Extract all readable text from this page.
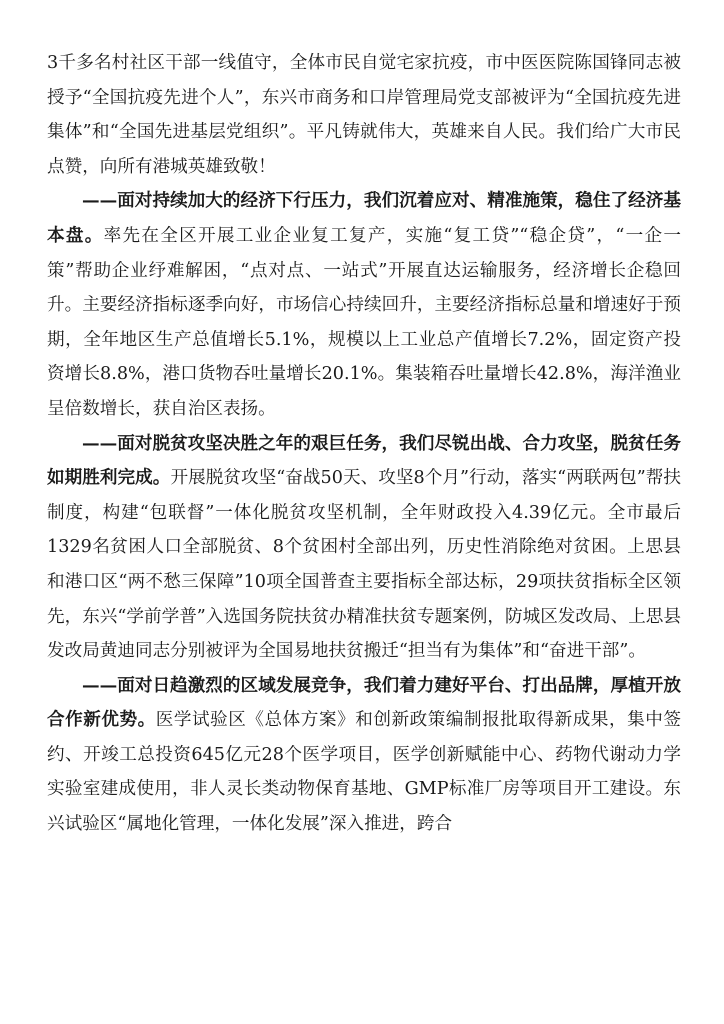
3千多名村社区干部一线值守，全体市民自觉宅家抗疫，市中医医院陈国锋同志被授予“全国抗疫先进个人”，东兴市商务和口岸管理局党支部被评为“全国抗疫先进集体”和“全国先进基层党组织”。平凡铸就伟大，英雄来自人民。我们给广大市民点赞，向所有港城英雄致敬！

——面对持续加大的经济下行压力，我们沉着应对、精准施策，稳住了经济基本盘。率先在全区开展工业企业复工复产，实施“复工贷”“稳企贷”，“一企一策”帮助企业纾难解困，“点对点、一站式”开展直达运输服务，经济增长企稳回升。主要经济指标逐季向好，市场信心持续回升，主要经济指标总量和增速好于预期，全年地区生产总值增长5.1%，规模以上工业总产值增长7.2%，固定资产投资增长8.8%，港口货物吞吐量增长20.1%。集装箱吞吐量增长42.8%，海洋渔业呈倍数增长，获自治区表扬。

——面对脱贫攻坚决胜之年的艰巨任务，我们尽锐出战、合力攻坚，脱贫任务如期胜利完成。开展脱贫攻坚“奋战50天、攻坚8个月”行动，落实“两联两包”帮扶制度，构建“包联督”一体化脱贫攻坚机制，全年财政投入4.39亿元。全市最后1329名贫困人口全部脱贫、8个贫困村全部出列，历史性消除绝对贫困。上思县和港口区“两不愁三保障”10项全国普查主要指标全部达标，29项扶贫指标全区领先，东兴“学前学普”入选国务院扶贫办精准扶贫专题案例，防城区发改局、上思县发改局黄迪同志分别被评为全国易地扶贫搬迁“担当有为集体”和“奋进干部”。

——面对日趋激烈的区域发展竞争，我们着力建好平台、打出品牌，厚植开放合作新优势。医学试验区《总体方案》和创新政策编制报批取得新成果，集中签约、开竣工总投资645亿元28个医学项目，医学创新赋能中心、药物代谢动力学实验室建成使用，非人灵长类动物保育基地、GMP标准厂房等项目开工建设。东兴试验区“属地化管理，一体化发展”深入推进，跨合
